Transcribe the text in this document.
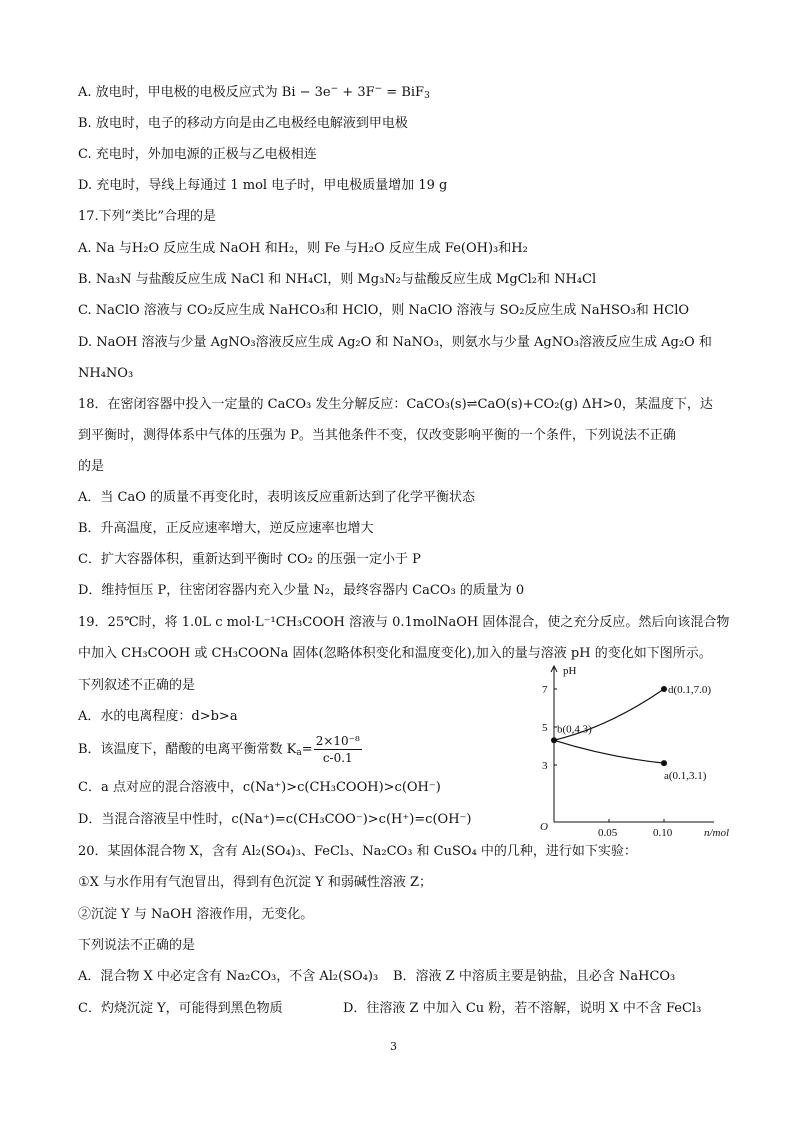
A. 放电时，甲电极的电极反应式为 Bi − 3e− + 3F− = BiF$_3$
B. 放电时，电子的移动方向是由乙电极经电解液到甲电极
C. 充电时，外加电源的正极与乙电极相连
D. 充电时，导线上每通过 1 mol 电子时，甲电极质量增加 19 g
17.下列“类比”合理的是
A. Na 与H₂O 反应生成 NaOH 和H₂，则 Fe 与H₂O 反应生成 Fe(OH)₃和H₂
B. Na₃N 与盐酸反应生成 NaCl 和 NH₄Cl，则 Mg₃N₂与盐酸反应生成 MgCl₂和 NH₄Cl
C. NaClO 溶液与 CO₂反应生成 NaHCO₃和 HClO，则 NaClO 溶液与 SO₂反应生成 NaHSO₃和 HClO
D. NaOH 溶液与少量 AgNO₃溶液反应生成 Ag₂O 和 NaNO₃，则氨水与少量 AgNO₃溶液反应生成 Ag₂O 和
NH₄NO₃
18．在密闭容器中投入一定量的 CaCO₃ 发生分解反应：CaCO₃(s)⇌CaO(s)+CO₂(g) ΔH>0，某温度下，达
到平衡时，测得体系中气体的压强为 P。当其他条件不变，仅改变影响平衡的一个条件，下列说法不正确
的是
A．当 CaO 的质量不再变化时，表明该反应重新达到了化学平衡状态
B．升高温度，正反应速率增大，逆反应速率也增大
C．扩大容器体积，重新达到平衡时 CO₂ 的压强一定小于 P
D．维持恒压 P，往密闭容器内充入少量 N₂，最终容器内 CaCO₃ 的质量为 0
19．25℃时，将 1.0L c mol·L⁻¹CH₃COOH 溶液与 0.1molNaOH 固体混合，使之充分反应。然后向该混合物
中加入 CH₃COOH 或 CH₃COONa 固体(忽略体积变化和温度变化),加入的量与溶液 pH 的变化如下图所示。
下列叙述不正确的是
A．水的电离程度：d>b>a
B．该温度下，醋酸的电离平衡常数 $K_a= \frac{\text{2×10⁻⁸}}{c-0.1}$
C．a 点对应的混合溶液中，c(Na⁺)>c(CH₃COOH)>c(OH⁻)
D．当混合溶液呈中性时，c(Na⁺)=c(CH₃COO⁻)>c(H⁺)=c(OH⁻)
pH
n/mol
O	0.05	0.10
3
5
7
b(0,4.3)
d(0.1,7.0)
a(0.1,3.1)
20．某固体混合物 X，含有 Al₂(SO₄)₃、FeCl₃、Na₂CO₃ 和 CuSO₄ 中的几种，进行如下实验：
①X 与水作用有气泡冒出，得到有色沉淀 Y 和弱碱性溶液 Z；
②沉淀 Y 与 NaOH 溶液作用，无变化。
下列说法不正确的是
A．混合物 X 中必定含有 Na₂CO₃，不含 Al₂(SO₄)₃ B．溶液 Z 中溶质主要是钠盐，且必含 NaHCO₃
C．灼烧沉淀 Y，可能得到黑色物质	D．往溶液 Z 中加入 Cu 粉，若不溶解，说明 X 中不含 FeCl₃
3
